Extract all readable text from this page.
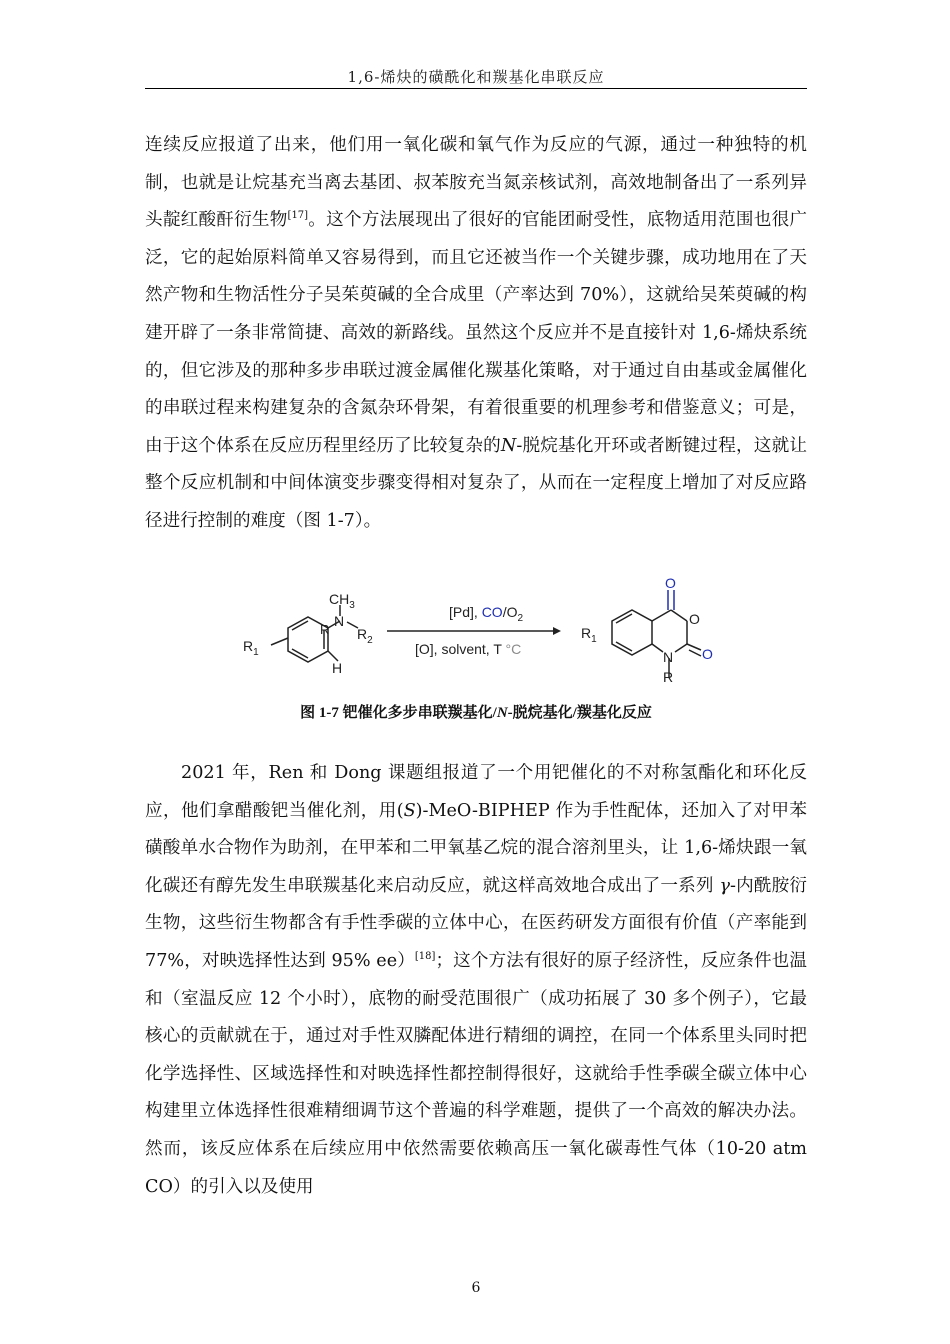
1,6-烯炔的磺酰化和羰基化串联反应

连续反应报道了出来，他们用一氧化碳和氧气作为反应的气源，通过一种独特的机制，也就是让烷基充当离去基团、叔苯胺充当氮亲核试剂，高效地制备出了一系列异头靛红酸酐衍生物[17]。这个方法展现出了很好的官能团耐受性，底物适用范围也很广泛，它的起始原料简单又容易得到，而且它还被当作一个关键步骤，成功地用在了天然产物和生物活性分子吴茱萸碱的全合成里（产率达到 70%），这就给吴茱萸碱的构建开辟了一条非常简捷、高效的新路线。虽然这个反应并不是直接针对 1,6-烯炔系统的，但它涉及的那种多步串联过渡金属催化羰基化策略，对于通过自由基或金属催化的串联过程来构建复杂的含氮杂环骨架，有着很重要的机理参考和借鉴意义；可是，由于这个体系在反应历程里经历了比较复杂的N-脱烷基化开环或者断键过程，这就让整个反应机制和中间体演变步骤变得相对复杂了，从而在一定程度上增加了对反应路径进行控制的难度（图 1-7）。

$R_1$
R
$CH_3$
N
$R_2$
H
[Pd], $CO/O_2$
[O], solvent, T °C
O
O
O
N
R
$R_1$
图 1-7 钯催化多步串联羰基化/N-脱烷基化/羰基化反应

2021 年，Ren 和 Dong 课题组报道了一个用钯催化的不对称氢酯化和环化反应，他们拿醋酸钯当催化剂，用(S)-MeO-BIPHEP 作为手性配体，还加入了对甲苯磺酸单水合物作为助剂，在甲苯和二甲氧基乙烷的混合溶剂里头，让 1,6-烯炔跟一氧化碳还有醇先发生串联羰基化来启动反应，就这样高效地合成出了一系列 γ-内酰胺衍生物，这些衍生物都含有手性季碳的立体中心，在医药研发方面很有价值（产率能到 77%，对映选择性达到 95% ee）[18]；这个方法有很好的原子经济性，反应条件也温和（室温反应 12 个小时），底物的耐受范围很广（成功拓展了 30 多个例子），它最核心的贡献就在于，通过对手性双膦配体进行精细的调控，在同一个体系里头同时把化学选择性、区域选择性和对映选择性都控制得很好，这就给手性季碳全碳立体中心构建里立体选择性很难精细调节这个普遍的科学难题，提供了一个高效的解决办法。然而，该反应体系在后续应用中依然需要依赖高压一氧化碳毒性气体（10-20 atm CO）的引入以及使用

6
